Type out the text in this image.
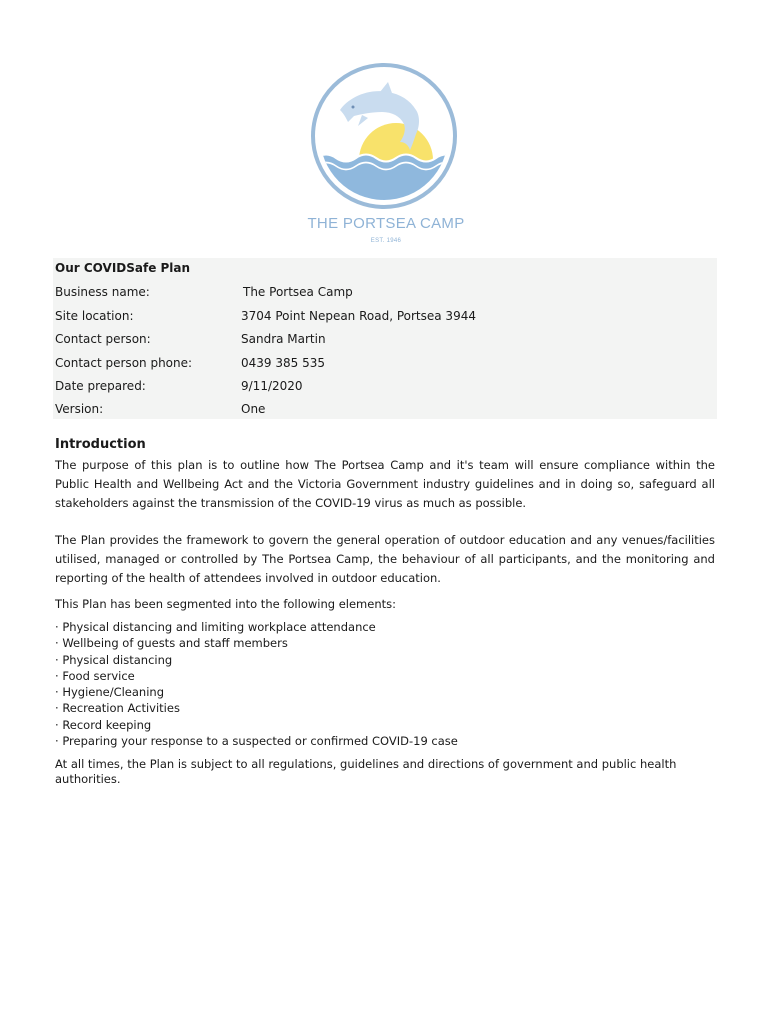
THE PORTSEA CAMP
EST. 1946
Our COVIDSafe Plan
Business name:	The Portsea Camp
Site location:	3704 Point Nepean Road, Portsea 3944
Contact person:	Sandra Martin
Contact person phone:	0439 385 535
Date prepared:	9/11/2020
Version:	One
Introduction
The purpose of this plan is to outline how The Portsea Camp and it's team will ensure compliance within the Public Health and Wellbeing Act and the Victoria Government industry guidelines and in doing so, safeguard all stakeholders against the transmission of the COVID-19 virus as much as possible.
The Plan provides the framework to govern the general operation of outdoor education and any venues/facilities utilised, managed or controlled by The Portsea Camp, the behaviour of all participants, and the monitoring and reporting of the health of attendees involved in outdoor education.
This Plan has been segmented into the following elements:
· Physical distancing and limiting workplace attendance
· Wellbeing of guests and staff members
· Physical distancing
· Food service
· Hygiene/Cleaning
· Recreation Activities
· Record keeping
· Preparing your response to a suspected or confirmed COVID-19 case
At all times, the Plan is subject to all regulations, guidelines and directions of government and public health authorities.
